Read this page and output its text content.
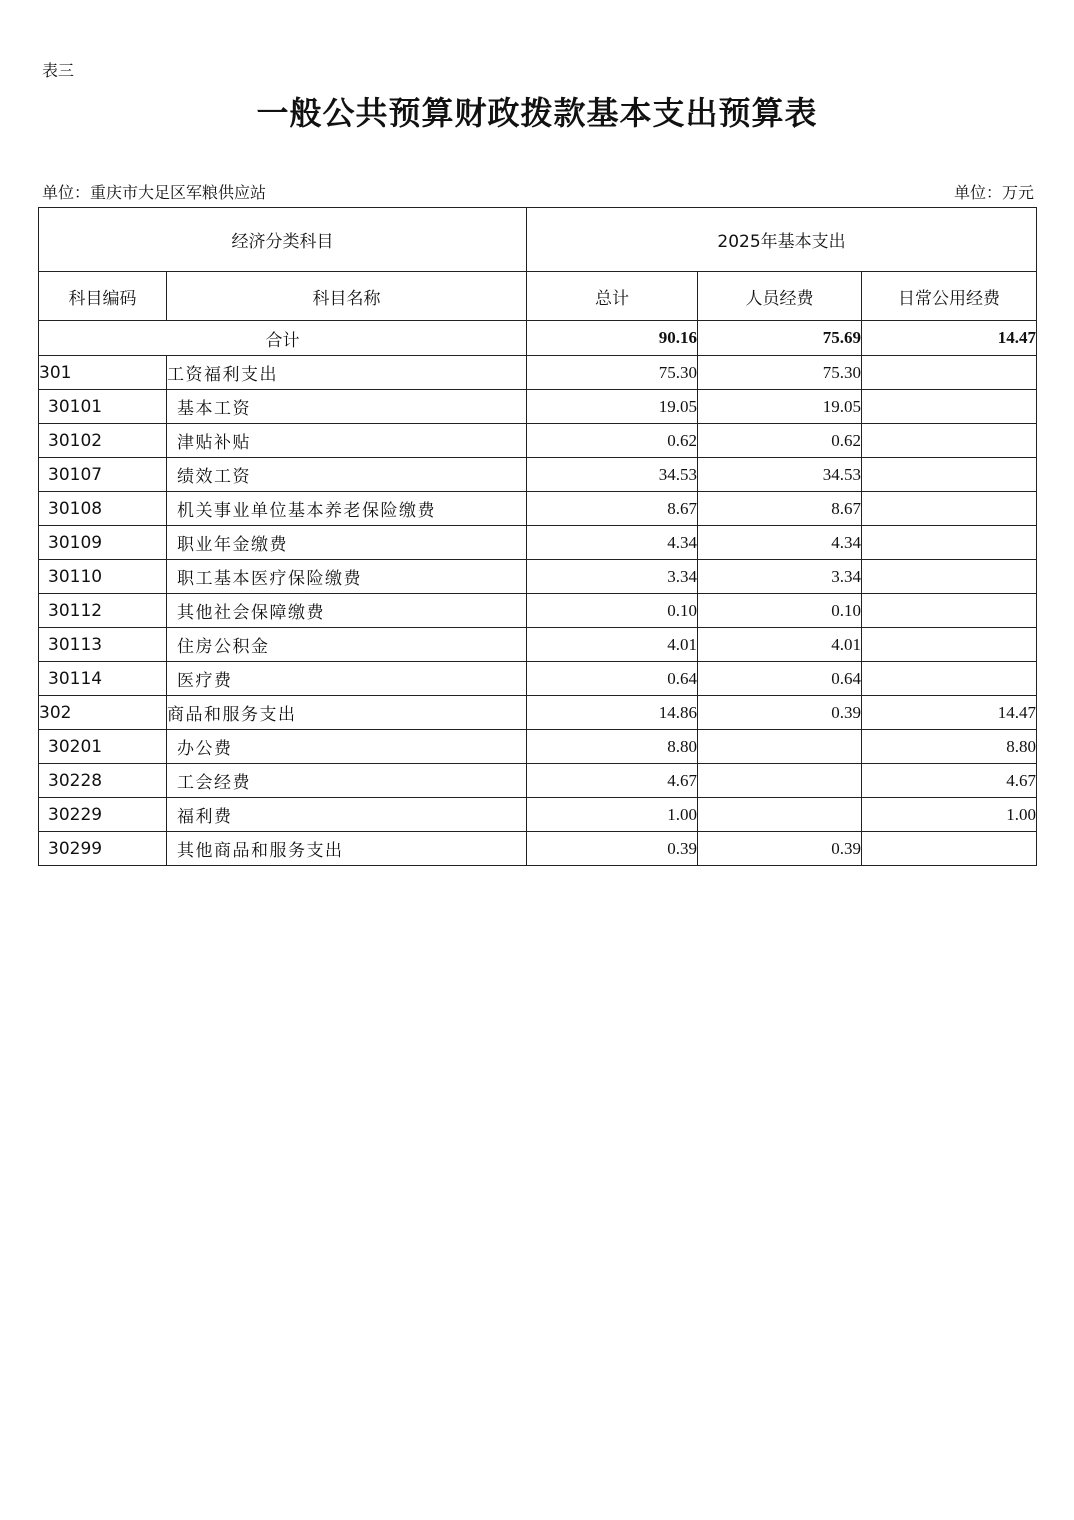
表三
一般公共预算财政拨款基本支出预算表
单位：重庆市大足区军粮供应站	单位：万元
经济分类科目		2025年基本支出		
科目编码	科目名称	总计	人员经费	日常公用经费
合计		90.16	75.69	14.47
301	工资福利支出	75.30	75.30	
30101	基本工资	19.05	19.05	
30102	津贴补贴	0.62	0.62	
30107	绩效工资	34.53	34.53	
30108	机关事业单位基本养老保险缴费	8.67	8.67	
30109	职业年金缴费	4.34	4.34	
30110	职工基本医疗保险缴费	3.34	3.34	
30112	其他社会保障缴费	0.10	0.10	
30113	住房公积金	4.01	4.01	
30114	医疗费	0.64	0.64	
302	商品和服务支出	14.86	0.39	14.47
30201	办公费	8.80		8.80
30228	工会经费	4.67		4.67
30229	福利费	1.00		1.00
30299	其他商品和服务支出	0.39	0.39	
